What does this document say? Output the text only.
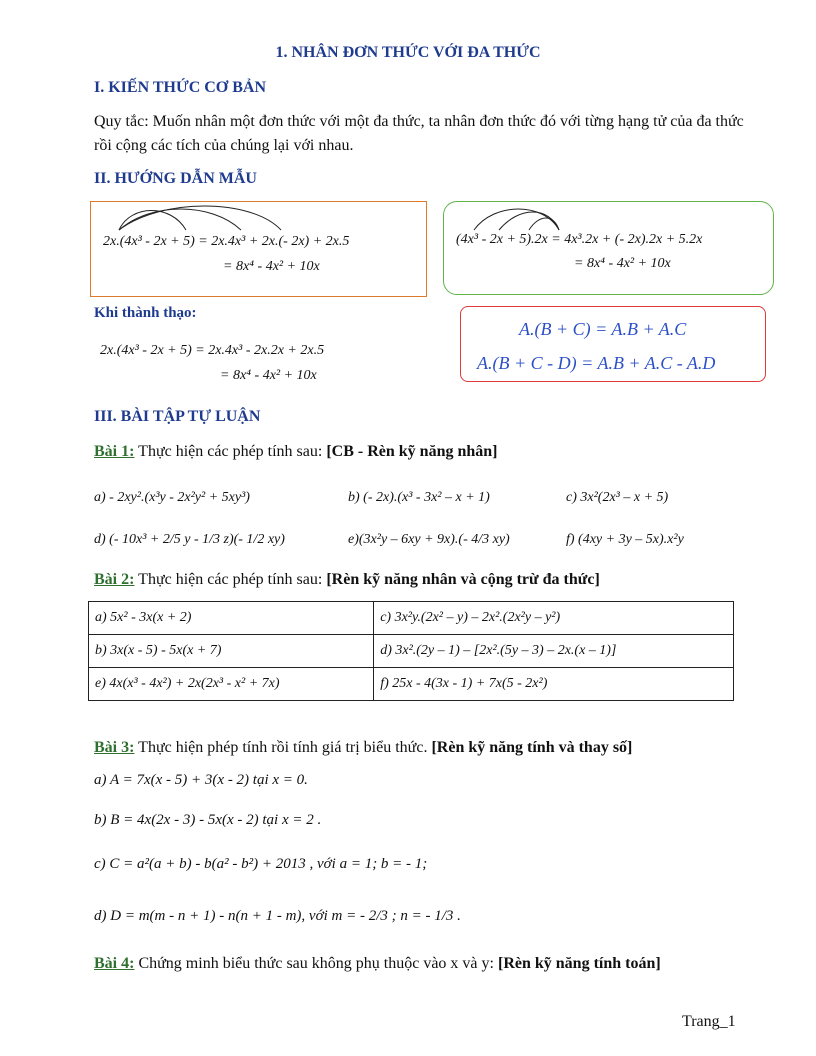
1. NHÂN ĐƠN THỨC VỚI ĐA THỨC
I. KIẾN THỨC CƠ BẢN
Quy tắc: Muốn nhân một đơn thức với một đa thức, ta nhân đơn thức đó với từng hạng tử của đa thức rồi cộng các tích của chúng lại với nhau.
II. HƯỚNG DẪN MẪU
2x.(4x³ - 2x + 5) = 2x.4x³ + 2x.(- 2x) + 2x.5
= 8x⁴ - 4x² + 10x
(4x³ - 2x + 5).2x = 4x³.2x + (- 2x).2x + 5.2x
= 8x⁴ - 4x² + 10x
Khi thành thạo:
2x.(4x³ - 2x + 5) = 2x.4x³ - 2x.2x + 2x.5
= 8x⁴ - 4x² + 10x
A.(B + C) = A.B + A.C
A.(B + C - D) = A.B + A.C - A.D
III. BÀI TẬP TỰ LUẬN
Bài 1: Thực hiện các phép tính sau: [CB - Rèn kỹ năng nhân]
a) - 2xy².(x³y - 2x²y² + 5xy³)	b) (- 2x).(x³ - 3x² – x + 1)	c) 3x²(2x³ – x + 5)
d) (- 10x³ + 2/5 y - 1/3 z)(- 1/2 xy)	e)(3x²y – 6xy + 9x).(- 4/3 xy)	f) (4xy + 3y – 5x).x²y
Bài 2: Thực hiện các phép tính sau: [Rèn kỹ năng nhân và cộng trừ đa thức]
a) 5x² - 3x(x + 2)	c) 3x²y.(2x² – y) – 2x².(2x²y – y²)
b) 3x(x - 5) - 5x(x + 7)	d) 3x².(2y – 1) – [2x².(5y – 3) – 2x.(x – 1)]
e) 4x(x³ - 4x²) + 2x(2x³ - x² + 7x)	f) 25x - 4(3x - 1) + 7x(5 - 2x²)
Bài 3: Thực hiện phép tính rồi tính giá trị biểu thức. [Rèn kỹ năng tính và thay số]
a) A = 7x(x - 5) + 3(x - 2) tại x = 0.
b) B = 4x(2x - 3) - 5x(x - 2) tại x = 2 .
c) C = a²(a + b) - b(a² - b²) + 2013 , với a = 1; b = - 1;
d) D = m(m - n + 1) - n(n + 1 - m), với m = - 2/3 ; n = - 1/3 .
Bài 4: Chứng minh biểu thức sau không phụ thuộc vào x và y: [Rèn kỹ năng tính toán]
Trang_1
